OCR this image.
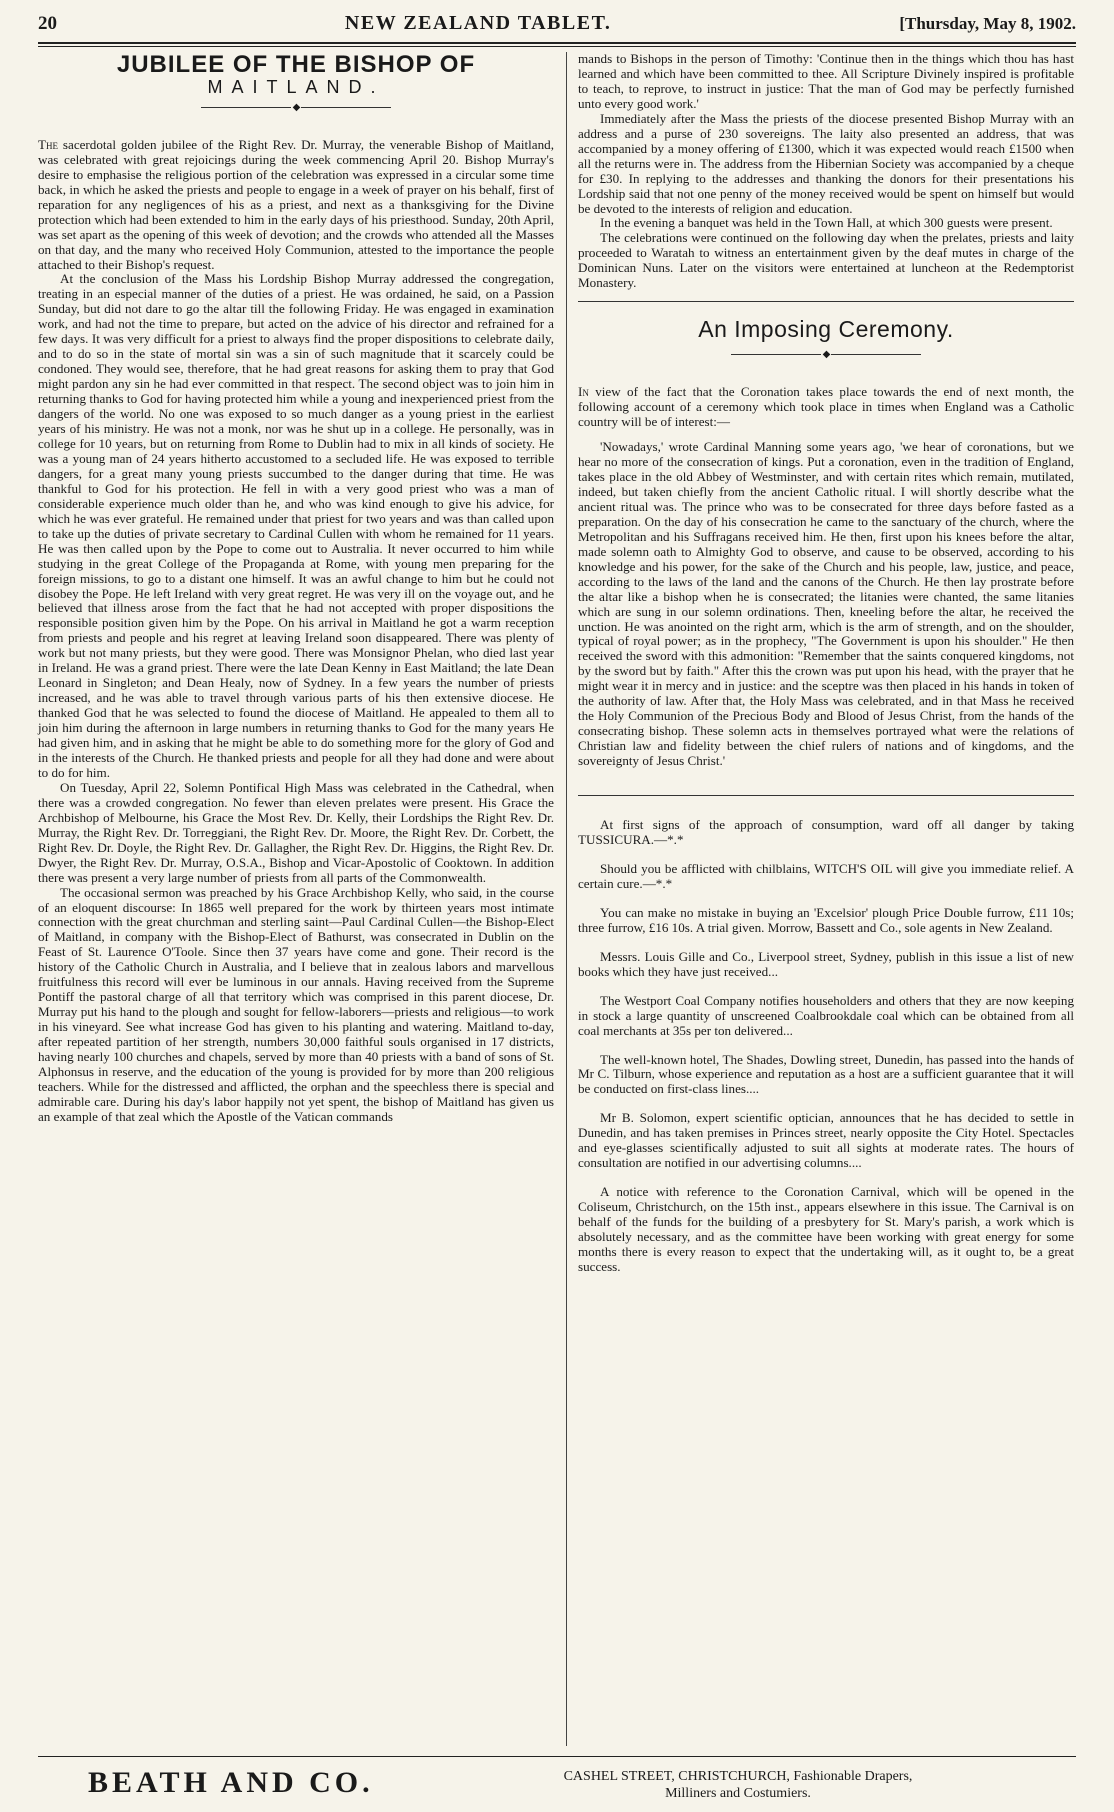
20	NEW ZEALAND TABLET.	[Thursday, May 8, 1902.
JUBILEE OF THE BISHOP OF
MAITLAND.
◆

The sacerdotal golden jubilee of the Right Rev. Dr. Murray, the venerable Bishop of Maitland, was celebrated with great rejoicings during the week commencing April 20. Bishop Murray's desire to emphasise the religious portion of the celebration was expressed in a circular some time back, in which he asked the priests and people to engage in a week of prayer on his behalf, first of reparation for any negligences of his as a priest, and next as a thanksgiving for the Divine protection which had been extended to him in the early days of his priesthood. Sunday, 20th April, was set apart as the opening of this week of devotion; and the crowds who attended all the Masses on that day, and the many who received Holy Communion, attested to the importance the people attached to their Bishop's request.

At the conclusion of the Mass his Lordship Bishop Murray addressed the congregation, treating in an especial manner of the duties of a priest. He was ordained, he said, on a Passion Sunday, but did not dare to go the altar till the following Friday. He was engaged in examination work, and had not the time to prepare, but acted on the advice of his director and refrained for a few days. It was very difficult for a priest to always find the proper dispositions to celebrate daily, and to do so in the state of mortal sin was a sin of such magnitude that it scarcely could be condoned. They would see, therefore, that he had great reasons for asking them to pray that God might pardon any sin he had ever committed in that respect. The second object was to join him in returning thanks to God for having protected him while a young and inexperienced priest from the dangers of the world. No one was exposed to so much danger as a young priest in the earliest years of his ministry. He was not a monk, nor was he shut up in a college. He personally, was in college for 10 years, but on returning from Rome to Dublin had to mix in all kinds of society. He was a young man of 24 years hitherto accustomed to a secluded life. He was exposed to terrible dangers, for a great many young priests succumbed to the danger during that time. He was thankful to God for his protection. He fell in with a very good priest who was a man of considerable experience much older than he, and who was kind enough to give his advice, for which he was ever grateful. He remained under that priest for two years and was than called upon to take up the duties of private secretary to Cardinal Cullen with whom he remained for 11 years. He was then called upon by the Pope to come out to Australia. It never occurred to him while studying in the great College of the Propaganda at Rome, with young men preparing for the foreign missions, to go to a distant one himself. It was an awful change to him but he could not disobey the Pope. He left Ireland with very great regret. He was very ill on the voyage out, and he believed that illness arose from the fact that he had not accepted with proper dispositions the responsible position given him by the Pope. On his arrival in Maitland he got a warm reception from priests and people and his regret at leaving Ireland soon disappeared. There was plenty of work but not many priests, but they were good. There was Monsignor Phelan, who died last year in Ireland. He was a grand priest. There were the late Dean Kenny in East Maitland; the late Dean Leonard in Singleton; and Dean Healy, now of Sydney. In a few years the number of priests increased, and he was able to travel through various parts of his then extensive diocese. He thanked God that he was selected to found the diocese of Maitland. He appealed to them all to join him during the afternoon in large numbers in returning thanks to God for the many years He had given him, and in asking that he might be able to do something more for the glory of God and in the interests of the Church. He thanked priests and people for all they had done and were about to do for him.

On Tuesday, April 22, Solemn Pontifical High Mass was celebrated in the Cathedral, when there was a crowded congregation. No fewer than eleven prelates were present. His Grace the Archbishop of Melbourne, his Grace the Most Rev. Dr. Kelly, their Lordships the Right Rev. Dr. Murray, the Right Rev. Dr. Torreggiani, the Right Rev. Dr. Moore, the Right Rev. Dr. Corbett, the Right Rev. Dr. Doyle, the Right Rev. Dr. Gallagher, the Right Rev. Dr. Higgins, the Right Rev. Dr. Dwyer, the Right Rev. Dr. Murray, O.S.A., Bishop and Vicar-Apostolic of Cooktown. In addition there was present a very large number of priests from all parts of the Commonwealth.

The occasional sermon was preached by his Grace Archbishop Kelly, who said, in the course of an eloquent discourse: In 1865 well prepared for the work by thirteen years most intimate connection with the great churchman and sterling saint—Paul Cardinal Cullen—the Bishop-Elect of Maitland, in company with the Bishop-Elect of Bathurst, was consecrated in Dublin on the Feast of St. Laurence O'Toole. Since then 37 years have come and gone. Their record is the history of the Catholic Church in Australia, and I believe that in zealous labors and marvellous fruitfulness this record will ever be luminous in our annals. Having received from the Supreme Pontiff the pastoral charge of all that territory which was comprised in this parent diocese, Dr. Murray put his hand to the plough and sought for fellow-laborers—priests and religious—to work in his vineyard. See what increase God has given to his planting and watering. Maitland to-day, after repeated partition of her strength, numbers 30,000 faithful souls organised in 17 districts, having nearly 100 churches and chapels, served by more than 40 priests with a band of sons of St. Alphonsus in reserve, and the education of the young is provided for by more than 200 religious teachers. While for the distressed and afflicted, the orphan and the speechless there is special and admirable care. During his day's labor happily not yet spent, the bishop of Maitland has given us an example of that zeal which the Apostle of the Vatican commands

mands to Bishops in the person of Timothy: 'Continue then in the things which thou has hast learned and which have been committed to thee. All Scripture Divinely inspired is profitable to teach, to reprove, to instruct in justice: That the man of God may be perfectly furnished unto every good work.'

Immediately after the Mass the priests of the diocese presented Bishop Murray with an address and a purse of 230 sovereigns. The laity also presented an address, that was accompanied by a money offering of £1300, which it was expected would reach £1500 when all the returns were in. The address from the Hibernian Society was accompanied by a cheque for £30. In replying to the addresses and thanking the donors for their presentations his Lordship said that not one penny of the money received would be spent on himself but would be devoted to the interests of religion and education.

In the evening a banquet was held in the Town Hall, at which 300 guests were present.

The celebrations were continued on the following day when the prelates, priests and laity proceeded to Waratah to witness an entertainment given by the deaf mutes in charge of the Dominican Nuns. Later on the visitors were entertained at luncheon at the Redemptorist Monastery.

An Imposing Ceremony.
◆

In view of the fact that the Coronation takes place towards the end of next month, the following account of a ceremony which took place in times when England was a Catholic country will be of interest:—

'Nowadays,' wrote Cardinal Manning some years ago, 'we hear of coronations, but we hear no more of the consecration of kings. Put a coronation, even in the tradition of England, takes place in the old Abbey of Westminster, and with certain rites which remain, mutilated, indeed, but taken chiefly from the ancient Catholic ritual. I will shortly describe what the ancient ritual was. The prince who was to be consecrated for three days before fasted as a preparation. On the day of his consecration he came to the sanctuary of the church, where the Metropolitan and his Suffragans received him. He then, first upon his knees before the altar, made solemn oath to Almighty God to observe, and cause to be observed, according to his knowledge and his power, for the sake of the Church and his people, law, justice, and peace, according to the laws of the land and the canons of the Church. He then lay prostrate before the altar like a bishop when he is consecrated; the litanies were chanted, the same litanies which are sung in our solemn ordinations. Then, kneeling before the altar, he received the unction. He was anointed on the right arm, which is the arm of strength, and on the shoulder, typical of royal power; as in the prophecy, "The Government is upon his shoulder." He then received the sword with this admonition: "Remember that the saints conquered kingdoms, not by the sword but by faith." After this the crown was put upon his head, with the prayer that he might wear it in mercy and in justice: and the sceptre was then placed in his hands in token of the authority of law. After that, the Holy Mass was celebrated, and in that Mass he received the Holy Communion of the Precious Body and Blood of Jesus Christ, from the hands of the consecrating bishop. These solemn acts in themselves portrayed what were the relations of Christian law and fidelity between the chief rulers of nations and of kingdoms, and the sovereignty of Jesus Christ.'

At first signs of the approach of consumption, ward off all danger by taking TUSSICURA.—*.*

Should you be afflicted with chilblains, WITCH'S OIL will give you immediate relief. A certain cure.—*.*

You can make no mistake in buying an 'Excelsior' plough Price Double furrow, £11 10s; three furrow, £16 10s. A trial given. Morrow, Bassett and Co., sole agents in New Zealand.

Messrs. Louis Gille and Co., Liverpool street, Sydney, publish in this issue a list of new books which they have just received...

The Westport Coal Company notifies householders and others that they are now keeping in stock a large quantity of unscreened Coalbrookdale coal which can be obtained from all coal merchants at 35s per ton delivered...

The well-known hotel, The Shades, Dowling street, Dunedin, has passed into the hands of Mr C. Tilburn, whose experience and reputation as a host are a sufficient guarantee that it will be conducted on first-class lines....

Mr B. Solomon, expert scientific optician, announces that he has decided to settle in Dunedin, and has taken premises in Princes street, nearly opposite the City Hotel. Spectacles and eye-glasses scientifically adjusted to suit all sights at moderate rates. The hours of consultation are notified in our advertising columns....

A notice with reference to the Coronation Carnival, which will be opened in the Coliseum, Christchurch, on the 15th inst., appears elsewhere in this issue. The Carnival is on behalf of the funds for the building of a presbytery for St. Mary's parish, a work which is absolutely necessary, and as the committee have been working with great energy for some months there is every reason to expect that the undertaking will, as it ought to, be a great success.

BEATH AND CO.	CASHEL STREET, CHRISTCHURCH, Fashionable Drapers,
Milliners and Costumiers.
